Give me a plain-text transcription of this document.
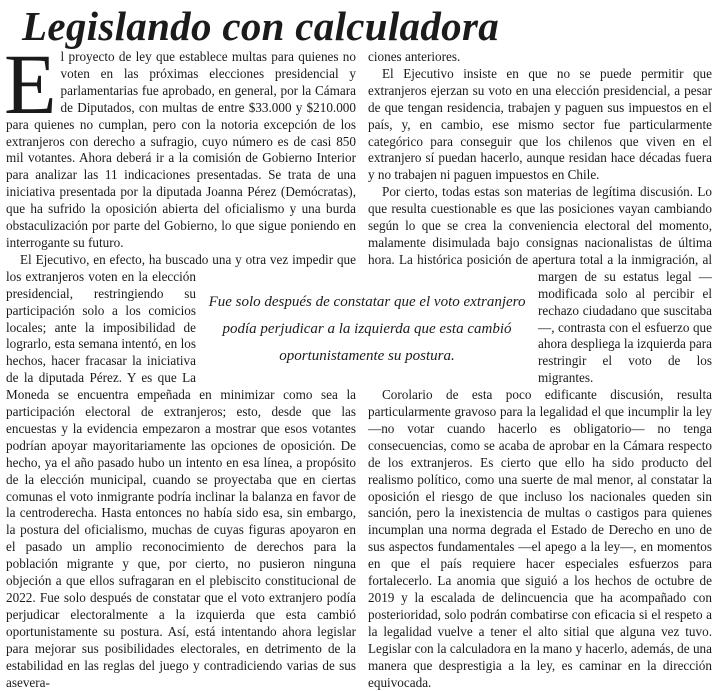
Legislando con calculadora

El proyecto de ley que establece multas para quienes no voten en las próximas elecciones presidencial y parlamentarias fue aprobado, en general, por la Cámara de Diputados, con multas de entre $33.000 y $210.000 para quienes no cumplan, pero con la notoria excepción de los extranjeros con derecho a sufragio, cuyo número es de casi 850 mil votantes. Ahora deberá ir a la comisión de Gobierno Interior para analizar las 11 indicaciones presentadas. Se trata de una iniciativa presentada por la diputada Joanna Pérez (Demócratas), que ha sufrido la oposición abierta del oficialismo y una burda obstaculización por parte del Gobierno, lo que sigue poniendo en interrogante su futuro.

El Ejecutivo, en efecto, ha buscado una y otra vez impedir que los extranjeros voten en la elección presidencial, restringiendo su participación solo a los comicios locales; ante la imposibilidad de lograrlo, esta semana intentó, en los hechos, hacer fracasar la iniciativa de la diputada Pérez. Y es que La Moneda se encuentra empeñada en minimizar como sea la participación electoral de extranjeros; esto, desde que las encuestas y la evidencia empezaron a mostrar que esos votantes podrían apoyar mayoritariamente las opciones de oposición. De hecho, ya el año pasado hubo un intento en esa línea, a propósito de la elección municipal, cuando se proyectaba que en ciertas comunas el voto inmigrante podría inclinar la balanza en favor de la centroderecha. Hasta entonces no había sido esa, sin embargo, la postura del oficialismo, muchas de cuyas figuras apoyaron en el pasado un amplio reconocimiento de derechos para la población migrante y que, por cierto, no pusieron ninguna objeción a que ellos sufragaran en el plebiscito constitucional de 2022. Fue solo después de constatar que el voto extranjero podía perjudicar electoralmente a la izquierda que esta cambió oportunistamente su postura. Así, está intentando ahora legislar para mejorar sus posibilidades electorales, en detrimento de la estabilidad en las reglas del juego y contradiciendo varias de sus asevera-

ciones anteriores.

El Ejecutivo insiste en que no se puede permitir que extranjeros ejerzan su voto en una elección presidencial, a pesar de que tengan residencia, trabajen y paguen sus impuestos en el país, y, en cambio, ese mismo sector fue particularmente categórico para conseguir que los chilenos que viven en el extranjero sí puedan hacerlo, aunque residan hace décadas fuera y no trabajen ni paguen impuestos en Chile.

Por cierto, todas estas son materias de legítima discusión. Lo que resulta cuestionable es que las posiciones vayan cambiando según lo que se crea la conveniencia electoral del momento, malamente disimulada bajo consignas nacionalistas de última hora. La histórica posición de apertura total a la inmigración, al margen de su estatus legal —modificada solo al percibir el rechazo ciudadano que suscitaba—, contrasta con el esfuerzo que ahora despliega la izquierda para restringir el voto de los migrantes.

Corolario de esta poco edificante discusión, resulta particularmente gravoso para la legalidad el que incumplir la ley —no votar cuando hacerlo es obligatorio— no tenga consecuencias, como se acaba de aprobar en la Cámara respecto de los extranjeros. Es cierto que ello ha sido producto del realismo político, como una suerte de mal menor, al constatar la oposición el riesgo de que incluso los nacionales queden sin sanción, pero la inexistencia de multas o castigos para quienes incumplan una norma degrada el Estado de Derecho en uno de sus aspectos fundamentales —el apego a la ley—, en momentos en que el país requiere hacer especiales esfuerzos para fortalecerlo. La anomia que siguió a los hechos de octubre de 2019 y la escalada de delincuencia que ha acompañado con posterioridad, solo podrán combatirse con eficacia si el respeto a la legalidad vuelve a tener el alto sitial que alguna vez tuvo. Legislar con la calculadora en la mano y hacerlo, además, de una manera que desprestigia a la ley, es caminar en la dirección equivocada.

Fue solo después de constatar que el voto extranjero podía perjudicar a la izquierda que esta cambió oportunistamente su postura.
